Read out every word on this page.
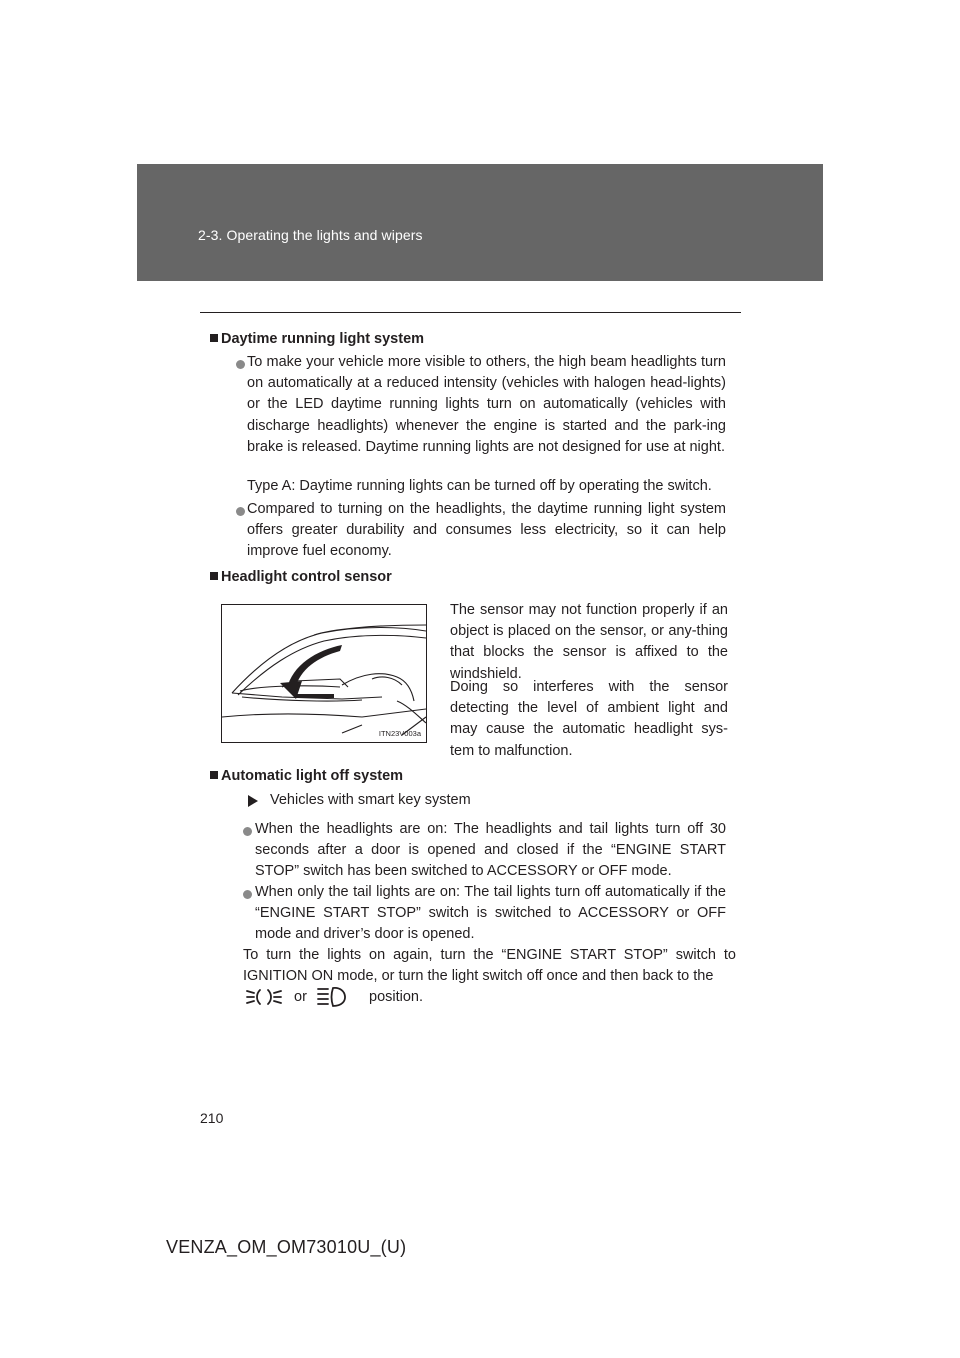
2-3. Operating the lights and wipers
Daytime running light system
To make your vehicle more visible to others, the high beam headlights turn on automatically at a reduced intensity (vehicles with halogen head-lights) or the LED daytime running lights turn on automatically (vehicles with discharge headlights) whenever the engine is started and the park-ing brake is released. Daytime running lights are not designed for use at night.
Type A: Daytime running lights can be turned off by operating the switch.
Compared to turning on the headlights, the daytime running light system offers greater durability and consumes less electricity, so it can help improve fuel economy.
Headlight control sensor
ITN23V003a
The sensor may not function properly if an object is placed on the sensor, or any-thing that blocks the sensor is affixed to the windshield.
Doing so interferes with the sensor detecting the level of ambient light and may cause the automatic headlight sys-tem to malfunction.
Automatic light off system
Vehicles with smart key system
When the headlights are on: The headlights and tail lights turn off 30 seconds after a door is opened and closed if the “ENGINE START STOP” switch has been switched to ACCESSORY or OFF mode.
When only the tail lights are on: The tail lights turn off automatically if the “ENGINE START STOP” switch is switched to ACCESSORY or OFF mode and driver’s door is opened.
To turn the lights on again, turn the “ENGINE START STOP” switch to IGNITION ON mode, or turn the light switch off once and then back to the
or	position.
210
VENZA_OM_OM73010U_(U)
